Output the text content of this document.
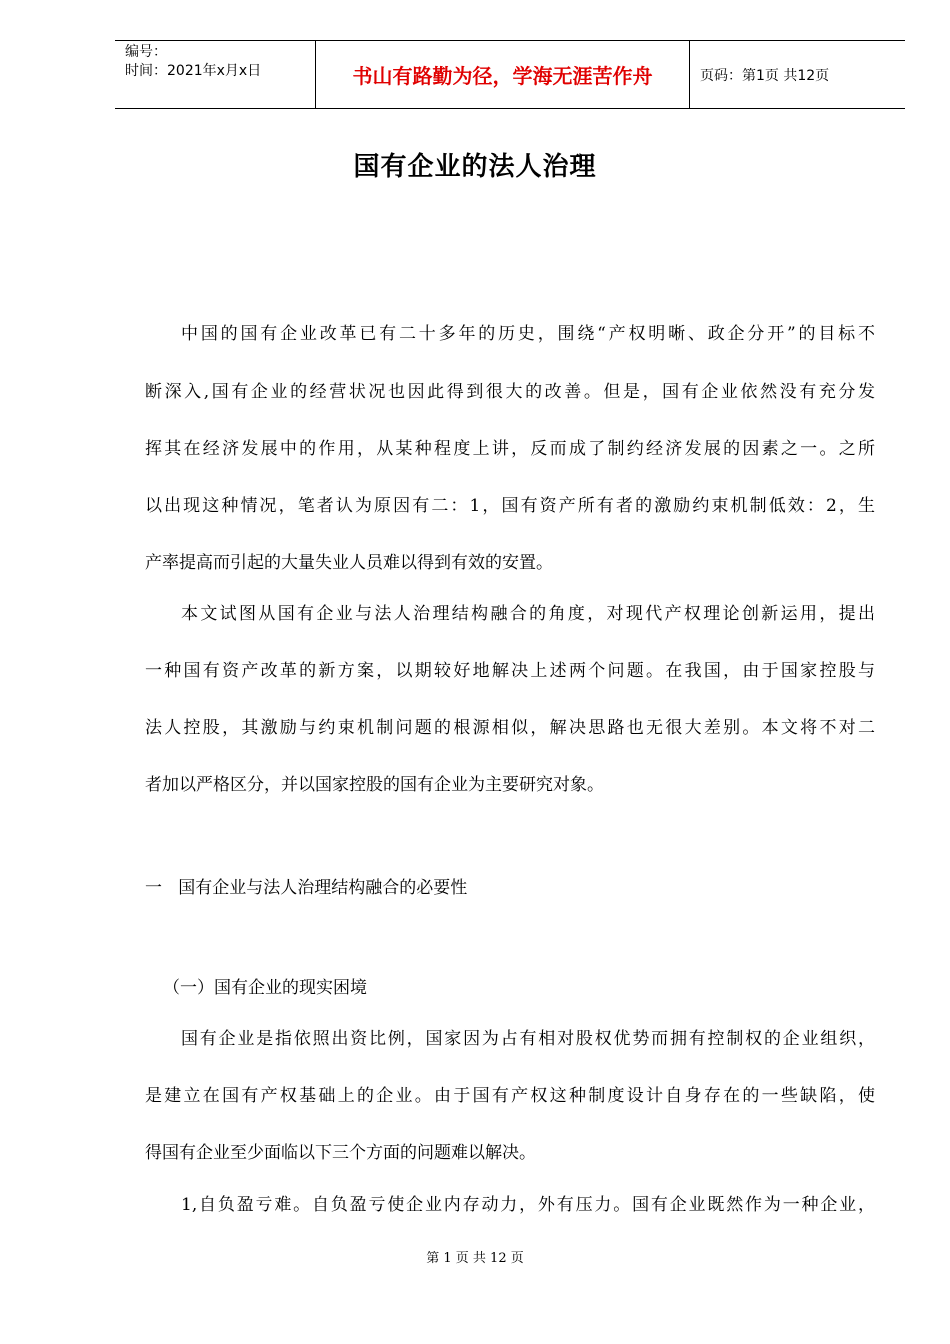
编号：
时间：2021年x月x日	书山有路勤为径，学海无涯苦作舟	页码：第1页 共12页
国有企业的法人治理
中国的国有企业改革已有二十多年的历史，围绕“产权明晰、政企分开”的目标不
断深入,国有企业的经营状况也因此得到很大的改善。但是，国有企业依然没有充分发
挥其在经济发展中的作用，从某种程度上讲，反而成了制约经济发展的因素之一。之所
以出现这种情况，笔者认为原因有二：1，国有资产所有者的激励约束机制低效：2，生
产率提高而引起的大量失业人员难以得到有效的安置。
本文试图从国有企业与法人治理结构融合的角度，对现代产权理论创新运用，提出
一种国有资产改革的新方案，以期较好地解决上述两个问题。在我国，由于国家控股与
法人控股，其激励与约束机制问题的根源相似，解决思路也无很大差别。本文将不对二
者加以严格区分，并以国家控股的国有企业为主要研究对象。
一   国有企业与法人治理结构融合的必要性
（一）国有企业的现实困境
国有企业是指依照出资比例，国家因为占有相对股权优势而拥有控制权的企业组织，
是建立在国有产权基础上的企业。由于国有产权这种制度设计自身存在的一些缺陷，使
得国有企业至少面临以下三个方面的问题难以解决。
1,自负盈亏难。自负盈亏使企业内存动力，外有压力。国有企业既然作为一种企业，
第 1 页 共 12 页
